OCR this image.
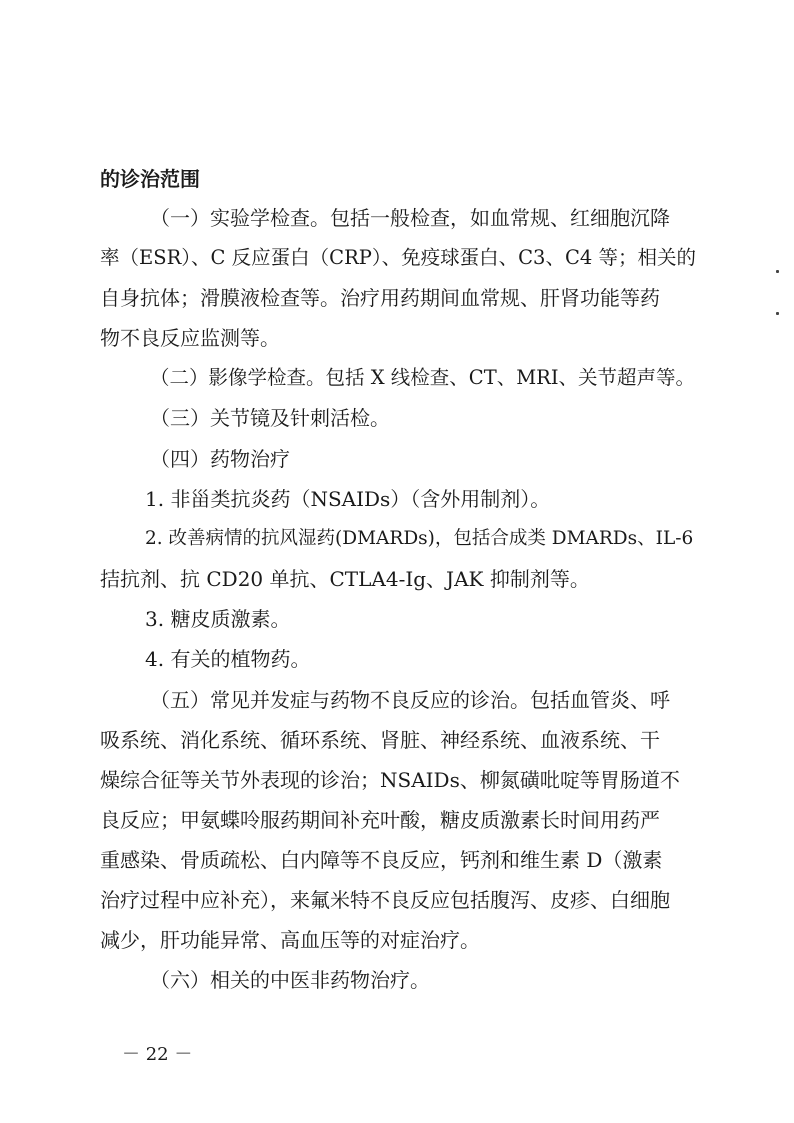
的诊治范围
（一）实验学检查。包括一般检查，如血常规、红细胞沉降
率（ESR）、C 反应蛋白（CRP）、免疫球蛋白、C3、C4 等；相关的
自身抗体；滑膜液检查等。治疗用药期间血常规、肝肾功能等药
物不良反应监测等。
（二）影像学检查。包括 X 线检查、CT、MRI、关节超声等。
（三）关节镜及针刺活检。
（四）药物治疗
1. 非甾类抗炎药（NSAIDs）（含外用制剂）。
2. 改善病情的抗风湿药(DMARDs)，包括合成类 DMARDs、IL-6
拮抗剂、抗 CD20 单抗、CTLA4-Ig、JAK 抑制剂等。
3. 糖皮质激素。
4. 有关的植物药。
（五）常见并发症与药物不良反应的诊治。包括血管炎、呼
吸系统、消化系统、循环系统、肾脏、神经系统、血液系统、干
燥综合征等关节外表现的诊治；NSAIDs、柳氮磺吡啶等胃肠道不
良反应；甲氨蝶呤服药期间补充叶酸，糖皮质激素长时间用药严
重感染、骨质疏松、白内障等不良反应，钙剂和维生素 D（激素
治疗过程中应补充），来氟米特不良反应包括腹泻、皮疹、白细胞
减少，肝功能异常、高血压等的对症治疗。
（六）相关的中医非药物治疗。
－ 22 －
